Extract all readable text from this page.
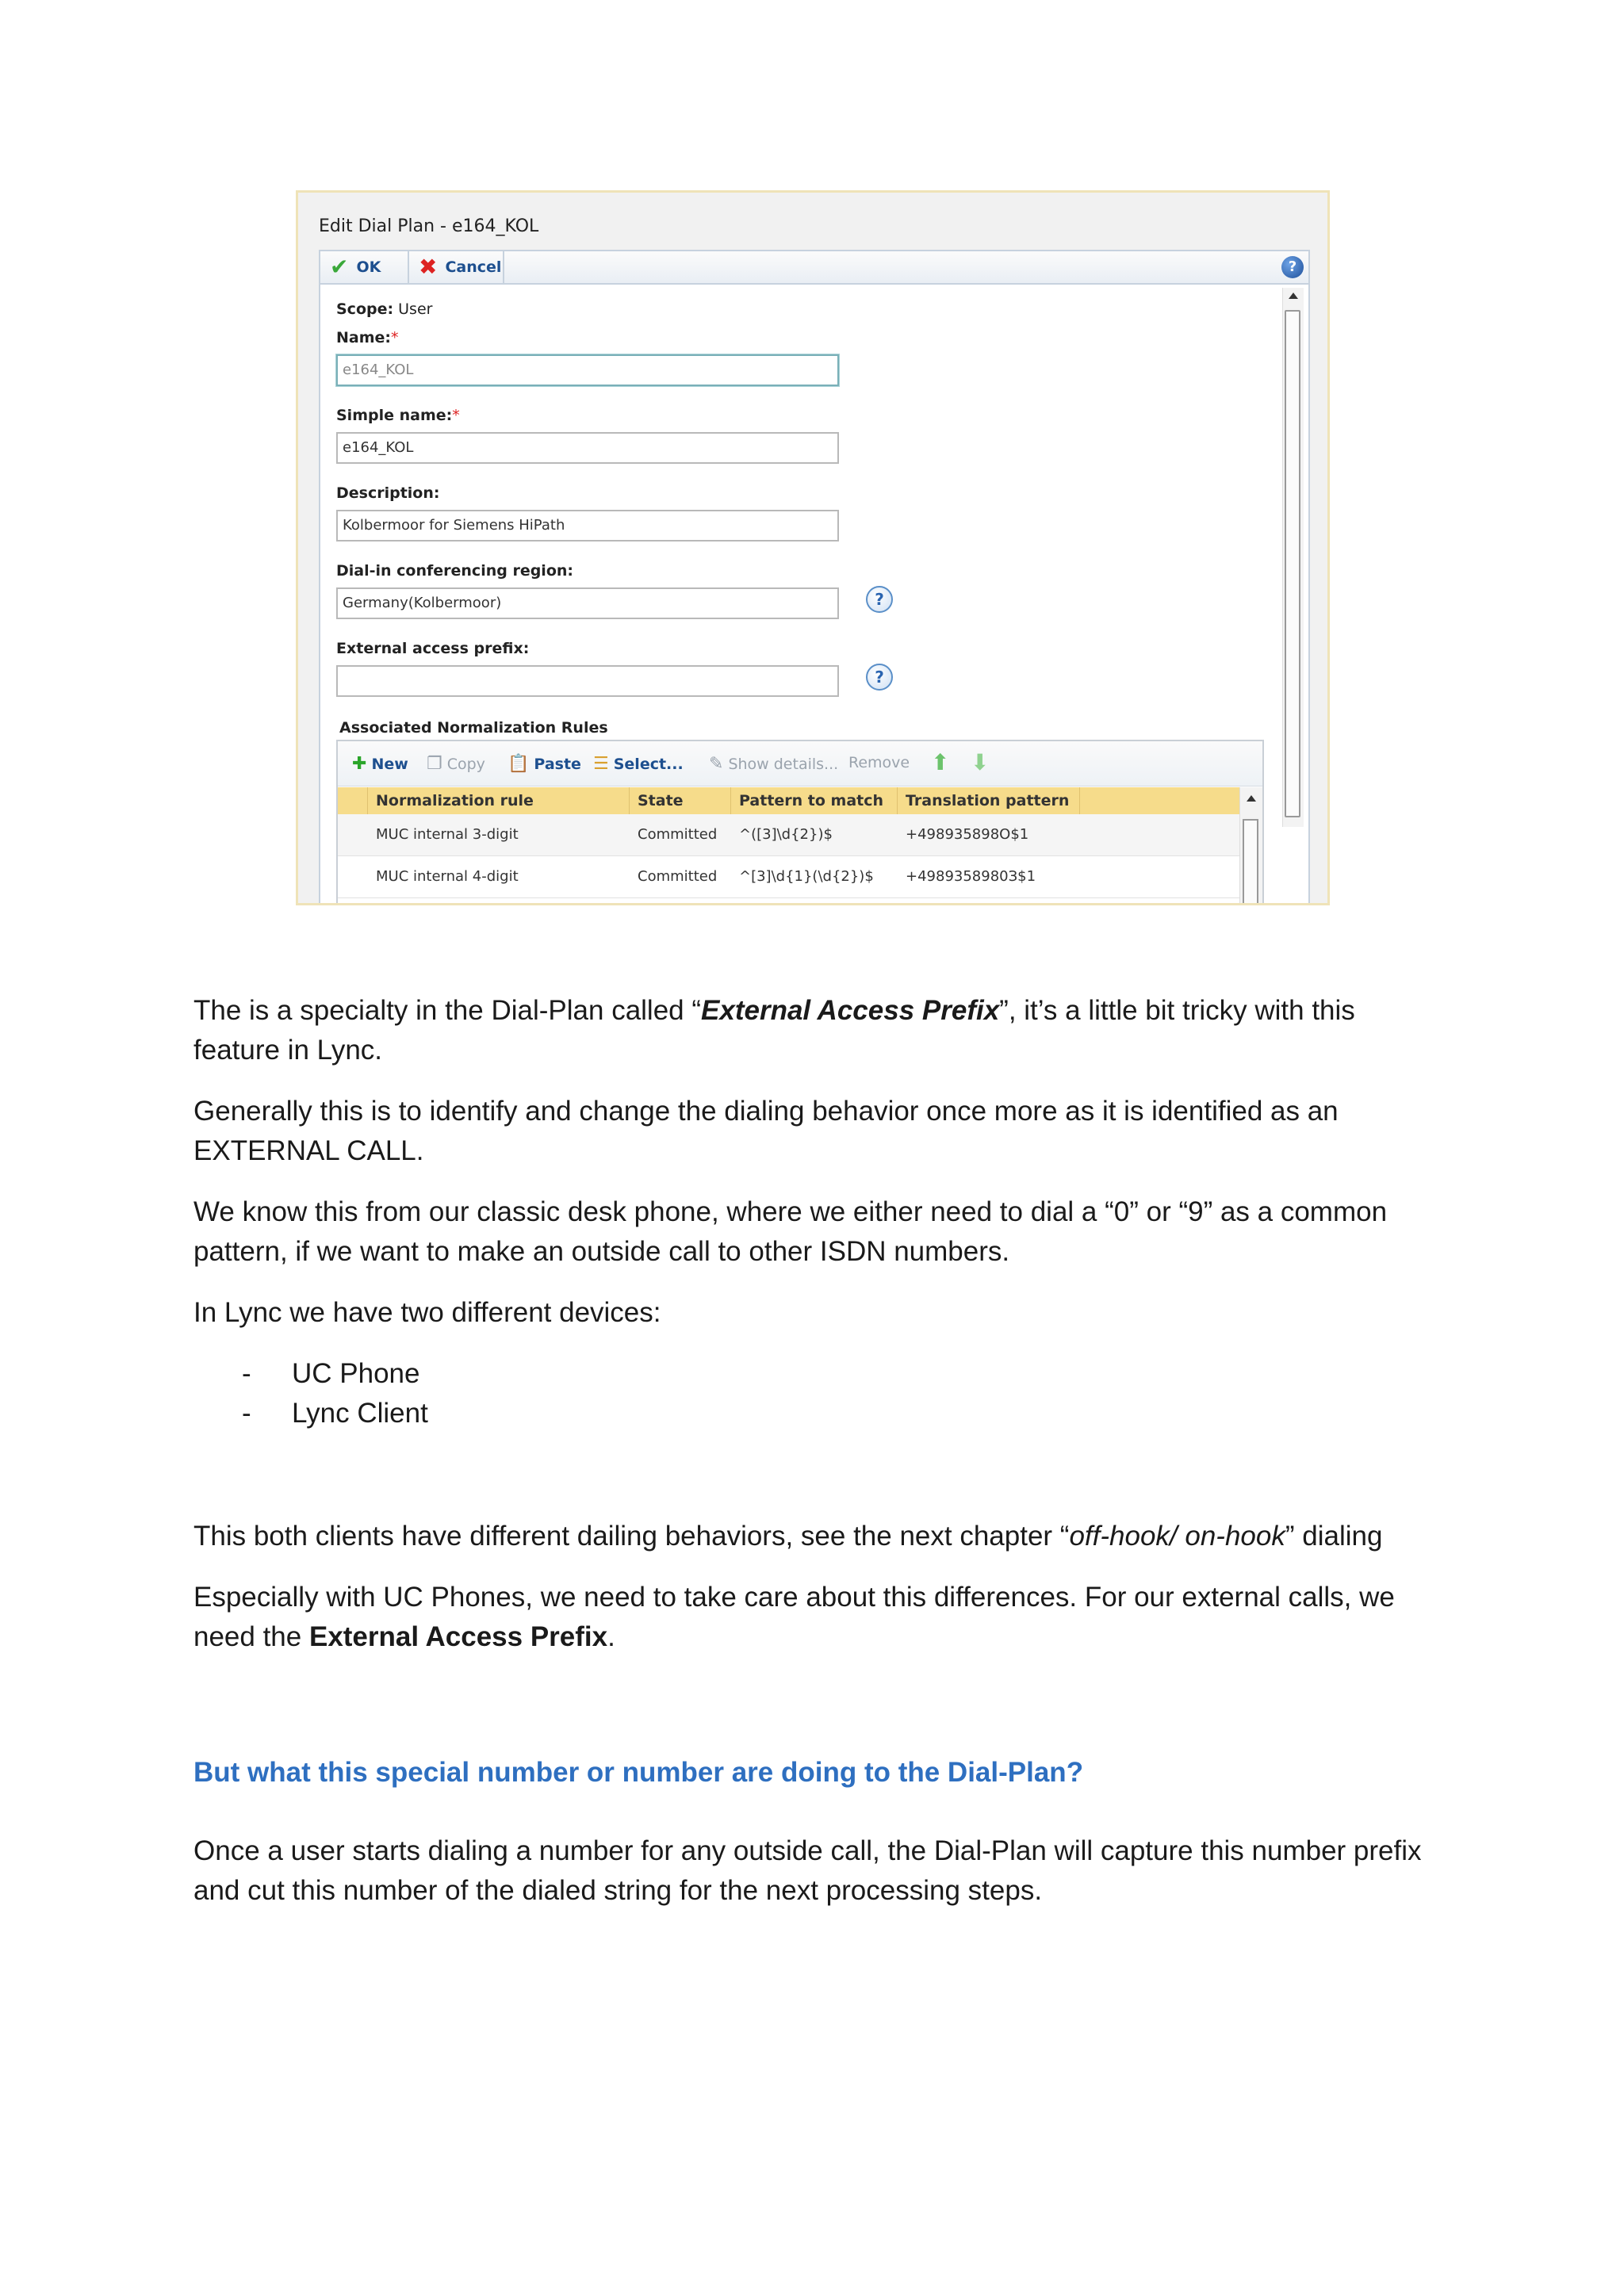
Edit Dial Plan - e164_KOL
✔ OK ✖ Cancel	?
Scope: User
Name:*
e164_KOL
Simple name:*
e164_KOL
Description:
Kolbermoor for Siemens HiPath
Dial-in conferencing region:
Germany(Kolbermoor)	?
External access prefix:
?
Associated Normalization Rules
✚ New ❐ Copy 📋 Paste ☰ Select... ✎ Show details... Remove ⬆ ⬇
Normalization rule	State	Pattern to match	Translation pattern
MUC internal 3-digit	Committed	^([3]\d{2})$	+498935898O$1
MUC internal 4-digit	Committed	^[3]\d{1}(\d{2})$	+4989358980З$1

The is a specialty in the Dial-Plan called “External Access Prefix”, it’s a little bit tricky with this feature in Lync.

Generally this is to identify and change the dialing behavior once more as it is identified as an EXTERNAL CALL.
We know this from our classic desk phone, where we either need to dial a “0” or “9” as a common pattern, if we want to make an outside call to other ISDN numbers.
In Lync we have two different devices:
- UC Phone
- Lync Client

This both clients have different dailing behaviors, see the next chapter “off-hook/ on-hook” dialing

Especially with UC Phones, we need to take care about this differences. For our external calls, we need the External Access Prefix.

But what this special number or number are doing to the Dial-Plan?
Once a user starts dialing a number for any outside call, the Dial-Plan will capture this number prefix and cut this number of the dialed string for the next processing steps.
